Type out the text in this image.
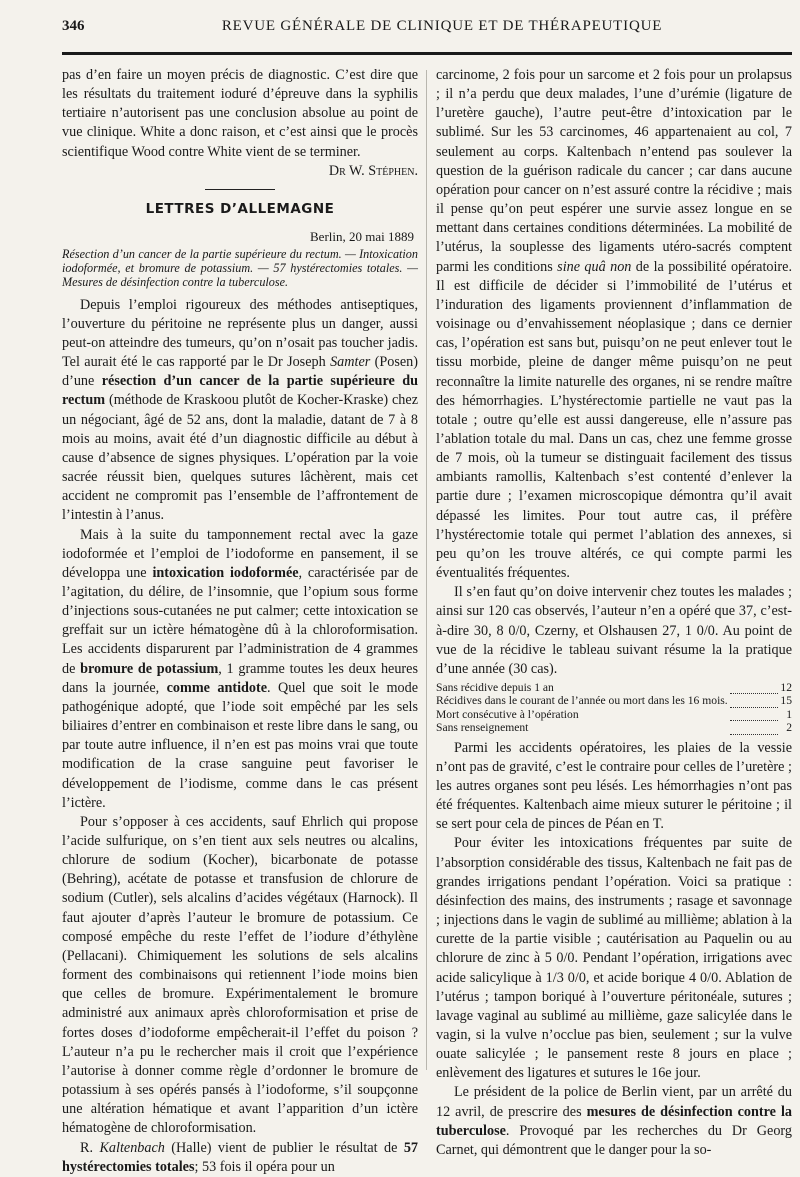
346	REVUE GÉNÉRALE DE CLINIQUE ET DE THÉRAPEUTIQUE

pas d’en faire un moyen précis de diagnostic. C’est dire que les résultats du traitement ioduré d’épreuve dans la syphilis tertiaire n’autorisent pas une conclusion absolue au point de vue clinique. White a donc raison, et c’est ainsi que le procès scientifique Wood contre White vient de se terminer.

Dr W. Stéphen.

LETTRES D’ALLEMAGNE
Berlin, 20 mai 1889

Résection d’un cancer de la partie supérieure du rectum. — Intoxication iodoformée, et bromure de potassium. — 57 hystérectomies totales. — Mesures de désinfection contre la tuberculose.

Depuis l’emploi rigoureux des méthodes antiseptiques, l’ouverture du péritoine ne représente plus un danger, aussi peut-on atteindre des tumeurs, qu’on n’osait pas toucher jadis. Tel aurait été le cas rapporté par le Dr Joseph Samter (Posen) d’une résection d’un cancer de la partie supérieure du rectum (méthode de Kraskoou plutôt de Kocher-Kraske) chez un négociant, âgé de 52 ans, dont la maladie, datant de 7 à 8 mois au moins, avait été d’un diagnostic difficile au début à cause d’absence de signes physiques. L’opération par la voie sacrée réussit bien, quelques sutures lâchèrent, mais cet accident ne compromit pas l’ensemble de l’affrontement de l’intestin à l’anus.

Mais à la suite du tamponnement rectal avec la gaze iodoformée et l’emploi de l’iodoforme en pansement, il se développa une intoxication iodoformée, caractérisée par de l’agitation, du délire, de l’insomnie, que l’opium sous forme d’injections sous-cutanées ne put calmer; cette intoxication se greffait sur un ictère hématogène dû à la chloroformisation. Les accidents disparurent par l’administration de 4 grammes de bromure de potassium, 1 gramme toutes les deux heures dans la journée, comme antidote. Quel que soit le mode pathogénique adopté, que l’iode soit empêché par les sels biliaires d’entrer en combinaison et reste libre dans le sang, ou par toute autre influence, il n’en est pas moins vrai que toute modification de la crase sanguine peut favoriser le développement de l’iodisme, comme dans le cas présent l’ictère.

Pour s’opposer à ces accidents, sauf Ehrlich qui propose l’acide sulfurique, on s’en tient aux sels neutres ou alcalins, chlorure de sodium (Kocher), bicarbonate de potasse (Behring), acétate de potasse et transfusion de chlorure de sodium (Cutler), sels alcalins d’acides végétaux (Harnock). Il faut ajouter d’après l’auteur le bromure de potassium. Ce composé empêche du reste l’effet de l’iodure d’éthylène (Pellacani). Chimiquement les solutions de sels alcalins forment des combinaisons qui retiennent l’iode moins bien que celles de bromure. Expérimentalement le bromure administré aux animaux après chloroformisation et prise de fortes doses d’iodoforme empêcherait-il l’effet du poison ? L’auteur n’a pu le rechercher mais il croit que l’expérience l’autorise à donner comme règle d’ordonner le bromure de potassium à ses opérés pansés à l’iodoforme, s’il soupçonne une altération hématique et avant l’apparition d’un ictère hématogène de chloroformisation.

R. Kaltenbach (Halle) vient de publier le résultat de 57 hystérectomies totales; 53 fois il opéra pour un

carcinome, 2 fois pour un sarcome et 2 fois pour un prolapsus ; il n’a perdu que deux malades, l’une d’urémie (ligature de l’uretère gauche), l’autre peut-être d’intoxication par le sublimé. Sur les 53 carcinomes, 46 appartenaient au col, 7 seulement au corps. Kaltenbach n’entend pas soulever la question de la guérison radicale du cancer ; car dans aucune opération pour cancer on n’est assuré contre la récidive ; mais il pense qu’on peut espérer une survie assez longue en se mettant dans certaines conditions déterminées. La mobilité de l’utérus, la souplesse des ligaments utéro-sacrés comptent parmi les conditions sine quâ non de la possibilité opératoire. Il est difficile de décider si l’immobilité de l’utérus et l’induration des ligaments proviennent d’inflammation de voisinage ou d’envahissement néoplasique ; dans ce dernier cas, l’opération est sans but, puisqu’on ne peut enlever tout le tissu morbide, pleine de danger même puisqu’on ne peut reconnaître la limite naturelle des organes, ni se rendre maître des hémorrhagies. L’hystérectomie partielle ne vaut pas la totale ; outre qu’elle est aussi dangereuse, elle n’assure pas l’ablation totale du mal. Dans un cas, chez une femme grosse de 7 mois, où la tumeur se distinguait facilement des tissus ambiants ramollis, Kaltenbach s’est contenté d’enlever la partie dure ; l’examen microscopique démontra qu’il avait dépassé les limites. Pour tout autre cas, il préfère l’hystérectomie totale qui permet l’ablation des annexes, si peu qu’on les trouve altérés, ce qui compte parmi les éventualités fréquentes.

Il s’en faut qu’on doive intervenir chez toutes les malades ; ainsi sur 120 cas observés, l’auteur n’en a opéré que 37, c’est-à-dire 30, 8 0/0, Czerny, et Olshausen 27, 1 0/0. Au point de vue de la récidive le tableau suivant résume la la pratique d’une année (30 cas).

Sans récidive depuis 1 an		12
Récidives dans le courant de l’année ou mort dans les 16 mois.		15
Mort consécutive à l’opération		1
Sans renseignement		2

Parmi les accidents opératoires, les plaies de la vessie n’ont pas de gravité, c’est le contraire pour celles de l’uretère ; les autres organes sont peu lésés. Les hémorrhagies n’ont pas été fréquentes. Kaltenbach aime mieux suturer le péritoine ; il se sert pour cela de pinces de Péan en T.

Pour éviter les intoxications fréquentes par suite de l’absorption considérable des tissus, Kaltenbach ne fait pas de grandes irrigations pendant l’opération. Voici sa pratique : désinfection des mains, des instruments ; rasage et savonnage ; injections dans le vagin de sublimé au millième; ablation à la curette de la partie visible ; cautérisation au Paquelin ou au chlorure de zinc à 5 0/0. Pendant l’opération, irrigations avec acide salicylique à 1/3 0/0, et acide borique 4 0/0. Ablation de l’utérus ; tampon boriqué à l’ouverture péritonéale, sutures ; lavage vaginal au sublimé au millième, gaze salicylée dans le vagin, si la vulve n’occlue pas bien, seulement ; sur la vulve ouate salicylée ; le pansement reste 8 jours en place ; enlèvement des ligatures et sutures le 16e jour.

Le président de la police de Berlin vient, par un arrêté du 12 avril, de prescrire des mesures de désinfection contre la tuberculose. Provoqué par les recherches du Dr Georg Carnet, qui démontrent que le danger pour la so-
